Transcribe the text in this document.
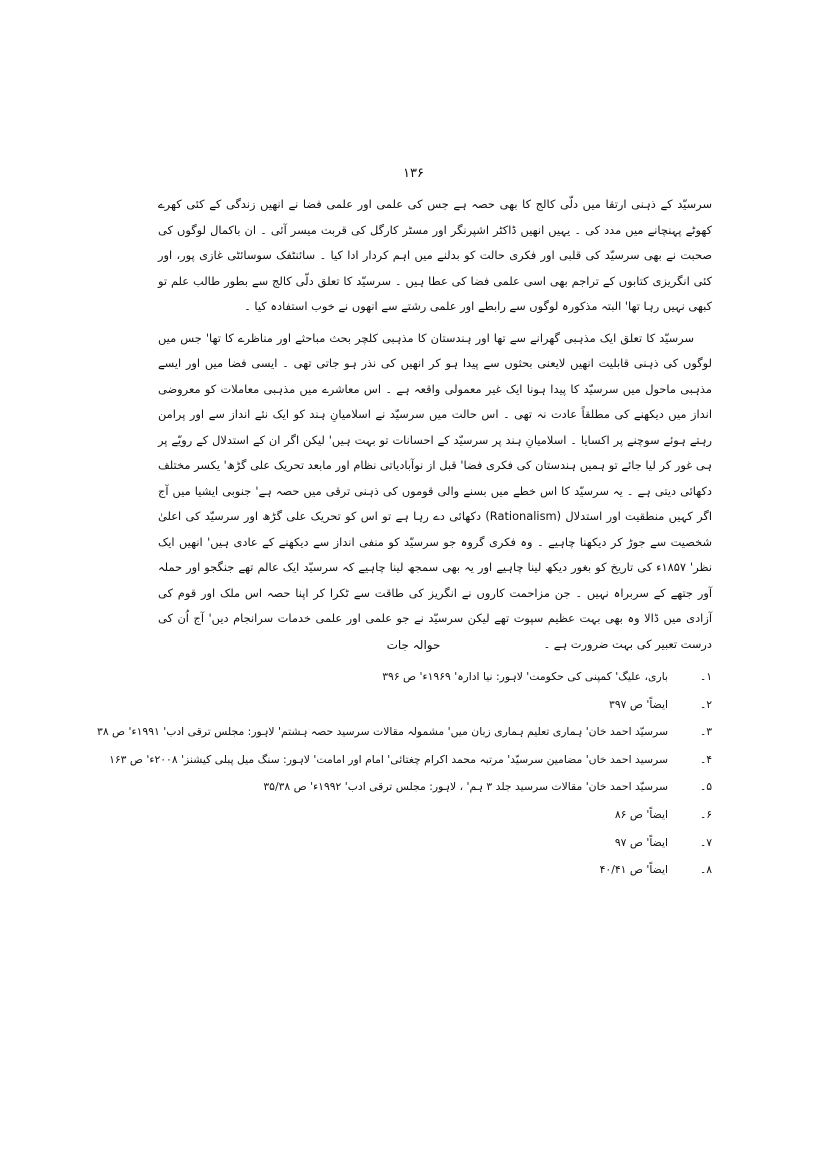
۱۳۶

سرسیّد کے ذہنی ارتقا میں دلّی کالج کا بھی حصہ ہے جس کی علمی اور علمی فضا نے انھیں زندگی کے کئی کھرے کھوٹے پہنچانے میں مدد کی ۔ یہیں انھیں ڈاکٹر اشپرنگر اور مسٹر کارگل کی قربت میسر آئی ۔ ان باکمال لوگوں کی صحبت نے بھی سرسیّد کی قلبی اور فکری حالت کو بدلنے میں اہم کردار ادا کیا ۔ سائنٹفک سوسائٹی غازی پور، اور کئی انگریزی کتابوں کے تراجم بھی اسی علمی فضا کی عطا ہیں ۔ سرسیّد کا تعلق دلّی کالج سے بطور طالب علم تو کبھی نہیں رہا تھا' البتہ مذکورہ لوگوں سے رابطے اور علمی رشتے سے انھوں نے خوب استفادہ کیا ۔

سرسیّد کا تعلق ایک مذہبی گھرانے سے تھا اور ہندستان کا مذہبی کلچر بحث مباحثے اور مناظرے کا تھا' جس میں لوگوں کی ذہنی قابلیت انھیں لایعنی بحثوں سے پیدا ہو کر انھیں کی نذر ہو جاتی تھی ۔ ایسی فضا میں اور ایسے مذہبی ماحول میں سرسیّد کا پیدا ہونا ایک غیر معمولی واقعہ ہے ۔ اس معاشرے میں مذہبی معاملات کو معروضی انداز میں دیکھنے کی مطلقاً عادت نہ تھی ۔ اس حالت میں سرسیّد نے اسلامیانِ ہند کو ایک نئے انداز سے اور پرامن رہتے ہوئے سوچنے پر اکسایا ۔ اسلامیانِ ہند پر سرسیّد کے احسانات تو بہت ہیں' لیکن اگر ان کے استدلال کے رویّے پر ہی غور کر لیا جائے تو ہمیں ہندستان کی فکری فضا' قبل از نوآبادیاتی نظام اور مابعد تحریک علی گڑھ' یکسر مختلف دکھائی دیتی ہے ۔ یہ سرسیّد کا اس خطے میں بسنے والی قوموں کی ذہنی ترقی میں حصہ ہے' جنوبی ایشیا میں آج اگر کہیں منطقیت اور استدلال (Rationalism) دکھائی دے رہا ہے تو اس کو تحریک علی گڑھ اور سرسیّد کی اعلیٰ شخصیت سے جوڑ کر دیکھنا چاہیے ۔ وہ فکری گروہ جو سرسیّد کو منفی انداز سے دیکھنے کے عادی ہیں' انھیں ایک نظر' ۱۸۵۷ء کی تاریخ کو بغور دیکھ لینا چاہیے اور یہ بھی سمجھ لینا چاہیے کہ سرسیّد ایک عالم تھے جنگجو اور حملہ آور جتھے کے سربراہ نہیں ۔ جن مزاحمت کاروں نے انگریز کی طاقت سے ٹکرا کر اپنا حصہ اس ملک اور قوم کی آزادی میں ڈالا وہ بھی بہت عظیم سپوت تھے لیکن سرسیّد نے جو علمی اور علمی خدمات سرانجام دیں' آج اُن کی درست تعبیر کی بہت ضرورت ہے ۔

حوالہ جات
۱۔باری، علیگ' کمپنی کی حکومت' لاہور: نیا ادارہ' ۱۹۶۹ء' ص ۳۹۶
۲۔ایضاً' ص ۳۹۷
۳۔سرسیّد احمد خان' ہماری تعلیم ہماری زبان میں' مشمولہ مقالات سرسید حصہ ہشتم' لاہور: مجلس ترقی ادب' ۱۹۹۱ء' ص ۳۸
۴۔سرسید احمد خاں' مضامین سرسیّد' مرتبہ محمد اکرام چغتائی' امام اور امامت' لاہور: سنگ میل پبلی کیشنز' ۲۰۰۸ء' ص ۱۶۳
۵۔سرسیّد احمد خان' مقالات سرسید جلد ۳ ہم' ، لاہور: مجلس ترقی ادب' ۱۹۹۲ء' ص ۳۵/۳۸
۶۔ایضاً' ص ۸۶
۷۔ایضاً' ص ۹۷
۸۔ایضاً' ص ۴۰/۴۱
